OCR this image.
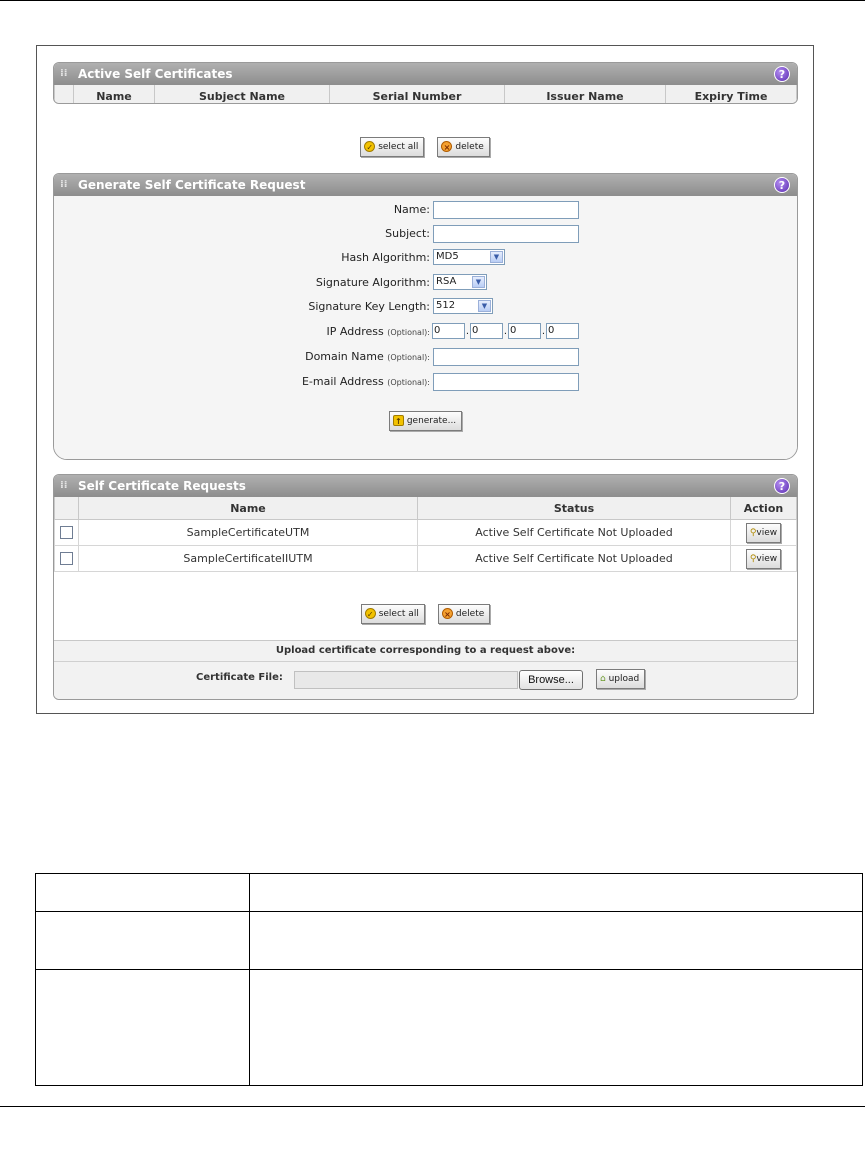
⁞⁞ Active Self Certificates	?
	Name	Subject Name	Serial Number	Issuer Name	Expiry Time
✓ select all	× delete
⁞⁞ Generate Self Certificate Request	?
Name:
Subject:
Hash Algorithm: MD5	▼
Signature Algorithm: RSA	▼
Signature Key Length: 512	▼
IP Address (Optional): 0	. 0	. 0	. 0
Domain Name (Optional):
E-mail Address (Optional):
↑ generate...
⁞⁞ Self Certificate Requests	?
	Name	Status	Action
	SampleCertificateUTM	Active Self Certificate Not Uploaded	⚲view
	SampleCertificateIIUTM	Active Self Certificate Not Uploaded	⚲view
✓ select all	× delete
Upload certificate corresponding to a request above:
Certificate File:	Browse...	⌂ upload
